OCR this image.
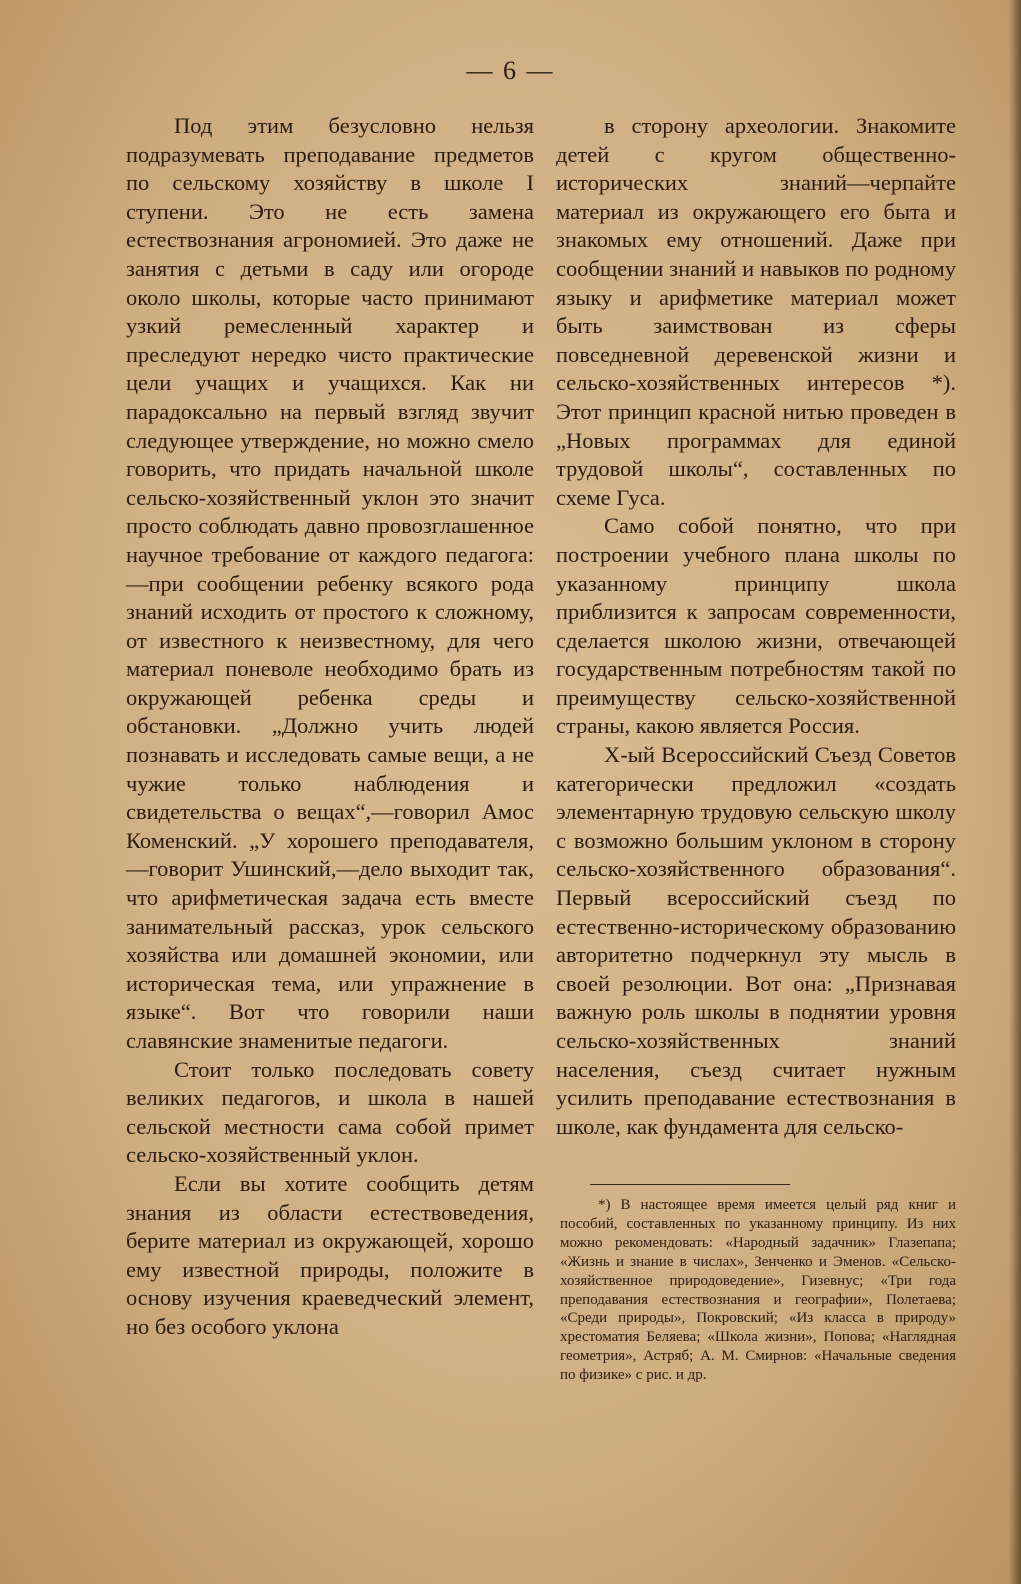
— 6 —

Под этим безусловно нельзя подразумевать преподавание предметов по сельскому хозяйству в школе I ступени. Это не есть замена естествознания агрономией. Это даже не занятия с детьми в саду или огороде около школы, которые часто принимают узкий ремесленный характер и преследуют нередко чисто практические цели учащих и учащихся. Как ни парадоксально на первый взгляд звучит следующее утверждение, но можно смело говорить, что придать начальной школе сельско-хозяйственный уклон это значит просто соблюдать давно провозглашенное научное требование от каждого педагога:—при сообщении ребенку всякого рода знаний исходить от простого к сложному, от известного к неизвестному, для чего материал поневоле необходимо брать из окружающей ребенка среды и обстановки. „Должно учить людей познавать и исследовать самые вещи, а не чужие только наблюдения и свидетельства о вещах“,—говорил Амос Коменский. „У хорошего преподавателя,—говорит Ушинский,—дело выходит так, что арифметическая задача есть вместе занимательный рассказ, урок сельского хозяйства или домашней экономии, или историческая тема, или упражнение в языке“. Вот что говорили наши славянские знаменитые педагоги.

Стоит только последовать совету великих педагогов, и школа в нашей сельской местности сама собой примет сельско-хозяйственный уклон.

Если вы хотите сообщить детям знания из области естествоведения, берите материал из окружающей, хорошо ему известной природы, положите в основу изучения краеведческий элемент, но без особого уклона

в сторону археологии. Знакомите детей с кругом общественно-исторических знаний—черпайте материал из окружающего его быта и знакомых ему отношений. Даже при сообщении знаний и навыков по родному языку и арифметике материал может быть заимствован из сферы повседневной деревенской жизни и сельско-хозяйственных интересов *). Этот принцип красной нитью проведен в „Новых программах для единой трудовой школы“, составленных по схеме Гуса.

Само собой понятно, что при построении учебного плана школы по указанному принципу школа приблизится к запросам современности, сделается школою жизни, отвечающей государственным потребностям такой по преимуществу сельско-хозяйственной страны, какою является Россия.

X-ый Всероссийский Съезд Советов категорически предложил «создать элементарную трудовую сельскую школу с возможно большим уклоном в сторону сельско-хозяйственного образования“. Первый всероссийский съезд по естественно-историческому образованию авторитетно подчеркнул эту мысль в своей резолюции. Вот она: „Признавая важную роль школы в поднятии уровня сельско-хозяйственных знаний населения, съезд считает нужным усилить преподавание естествознания в школе, как фундамента для сельско-

*) В настоящее время имеется целый ряд книг и пособий, составленных по указанному принципу. Из них можно рекомендовать: «Народный задачник» Глазепапа; «Жизнь и знание в числах», Зенченко и Эменов. «Сельско-хозяйственное природоведение», Гизевнус; «Три года преподавания естествознания и географии», Полетаева; «Среди природы», Покровский; «Из класса в природу» хрестоматия Беляева; «Школа жизни», Попова; «Наглядная геометрия», Астряб; А. М. Смирнов: «Начальные сведения по физике» с рис. и др.
